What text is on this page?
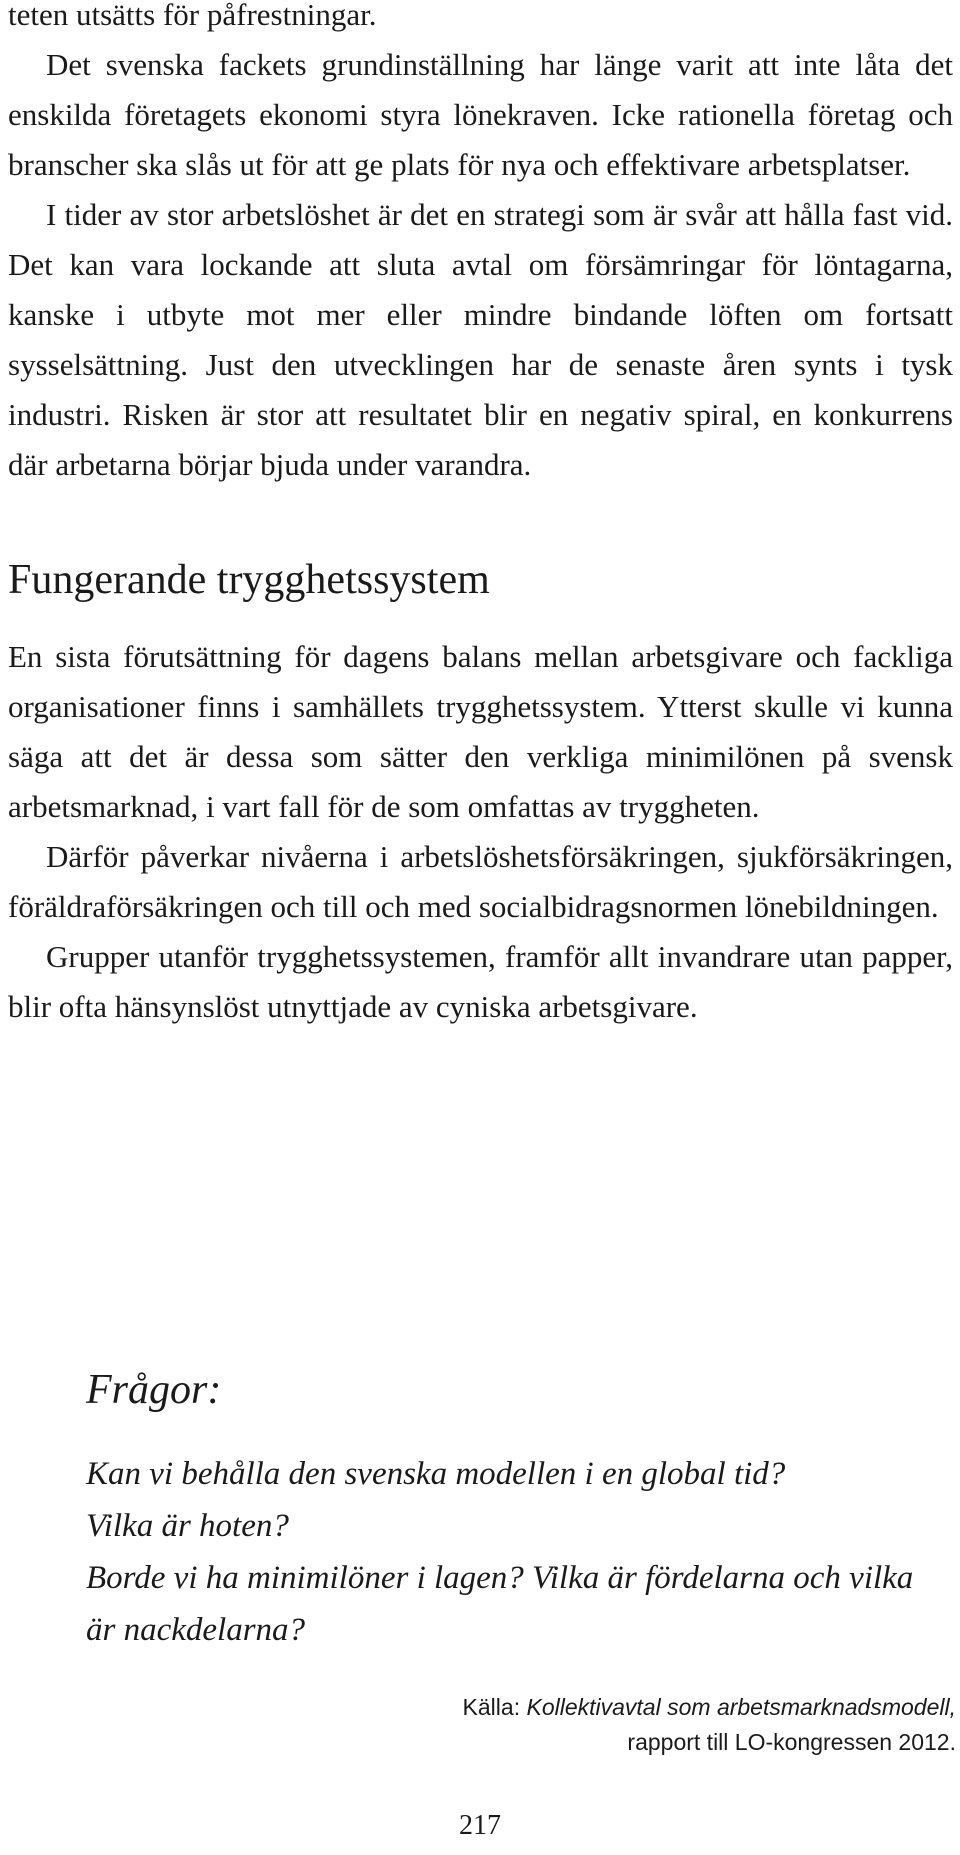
teten utsätts för påfrestningar.

Det svenska fackets grundinställning har länge varit att inte låta det enskilda företagets ekonomi styra lönekraven. Icke rationella företag och branscher ska slås ut för att ge plats för nya och effektivare arbetsplatser.

I tider av stor arbetslöshet är det en strategi som är svår att hålla fast vid. Det kan vara lockande att sluta avtal om försämringar för löntagarna, kanske i utbyte mot mer eller mindre bindande löften om fortsatt sysselsättning. Just den utvecklingen har de senaste åren synts i tysk industri. Risken är stor att resultatet blir en negativ spiral, en konkurrens där arbetarna börjar bjuda under varandra.

Fungerande trygghetssystem

En sista förutsättning för dagens balans mellan arbetsgivare och fackliga organisationer finns i samhällets trygghetssystem. Ytterst skulle vi kunna säga att det är dessa som sätter den verkliga minimilönen på svensk arbetsmarknad, i vart fall för de som omfattas av tryggheten.

Därför påverkar nivåerna i arbetslöshetsförsäkringen, sjukförsäkringen, föräldraförsäkringen och till och med socialbidragsnormen lönebildningen.

Grupper utanför trygghetssystemen, framför allt invandrare utan papper, blir ofta hänsynslöst utnyttjade av cyniska arbetsgivare.

Frågor:

Kan vi behålla den svenska modellen i en global tid?

Vilka är hoten?

Borde vi ha minimilöner i lagen? Vilka är fördelarna och vilka är nackdelarna?

Källa: Kollektivavtal som arbetsmarknadsmodell,
rapport till LO-kongressen 2012.
217
